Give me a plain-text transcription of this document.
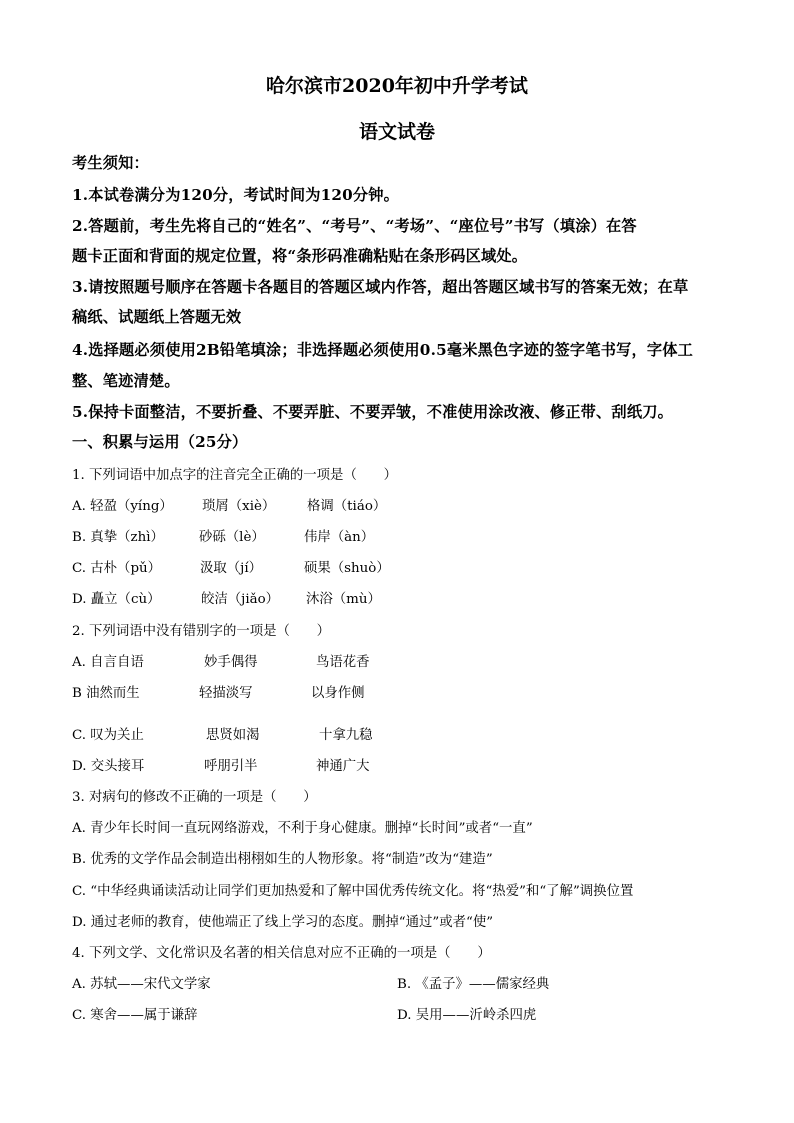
哈尔滨市2020年初中升学考试
语文试卷
考生须知：
1.本试卷满分为120分，考试时间为120分钟。
2.答题前，考生先将自己的“姓名”、“考号”、“考场”、“座位号”书写（填涂）在答
题卡正面和背面的规定位置，将“条形码准确粘贴在条形码区域处。
3.请按照题号顺序在答题卡各题目的答题区域内作答，超出答题区域书写的答案无效；在草
稿纸、试题纸上答题无效
4.选择题必须使用2B铅笔填涂；非选择题必须使用0.5毫米黑色字迹的签字笔书写，字体工
整、笔迹清楚。
5.保持卡面整洁，不要折叠、不要弄脏、不要弄皱，不准使用涂改液、修正带、刮纸刀。
一、积累与运用（25分）
1. 下列词语中加点字的注音完全正确的一项是（　　）
A. 轻盈（yíng） 琐屑（xiè） 格调（tiáo）
B. 真挚（zhì）	砂砾（lè）	伟岸（àn）
C. 古朴（pǔ）	汲取（jí）	硕果（shuò）
D. 矗立（cù）	皎洁（jiǎo） 沐浴（mù）
2. 下列词语中没有错别字的一项是（　　）
A. 自言自语	妙手偶得	鸟语花香
B 油然而生	轻描淡写	以身作侧
C. 叹为关止	思贤如渴	十拿九稳
D. 交头接耳	呼朋引半	神通广大
3. 对病句的修改不正确的一项是（　　）
A. 青少年长时间一直玩网络游戏，不利于身心健康。删掉“长时间”或者“一直”
B. 优秀的文学作品会制造出栩栩如生的人物形象。将“制造”改为“建造”
C. “中华经典诵读活动让同学们更加热爱和了解中国优秀传统文化。将“热爱”和“了解”调换位置
D. 通过老师的教育，使他端正了线上学习的态度。删掉“通过”或者“使”
4. 下列文学、文化常识及名著的相关信息对应不正确的一项是（　　）
A. 苏轼——宋代文学家	B. 《孟子》——儒家经典
C. 寒舍——属于谦辞	D. 吴用——沂岭杀四虎
